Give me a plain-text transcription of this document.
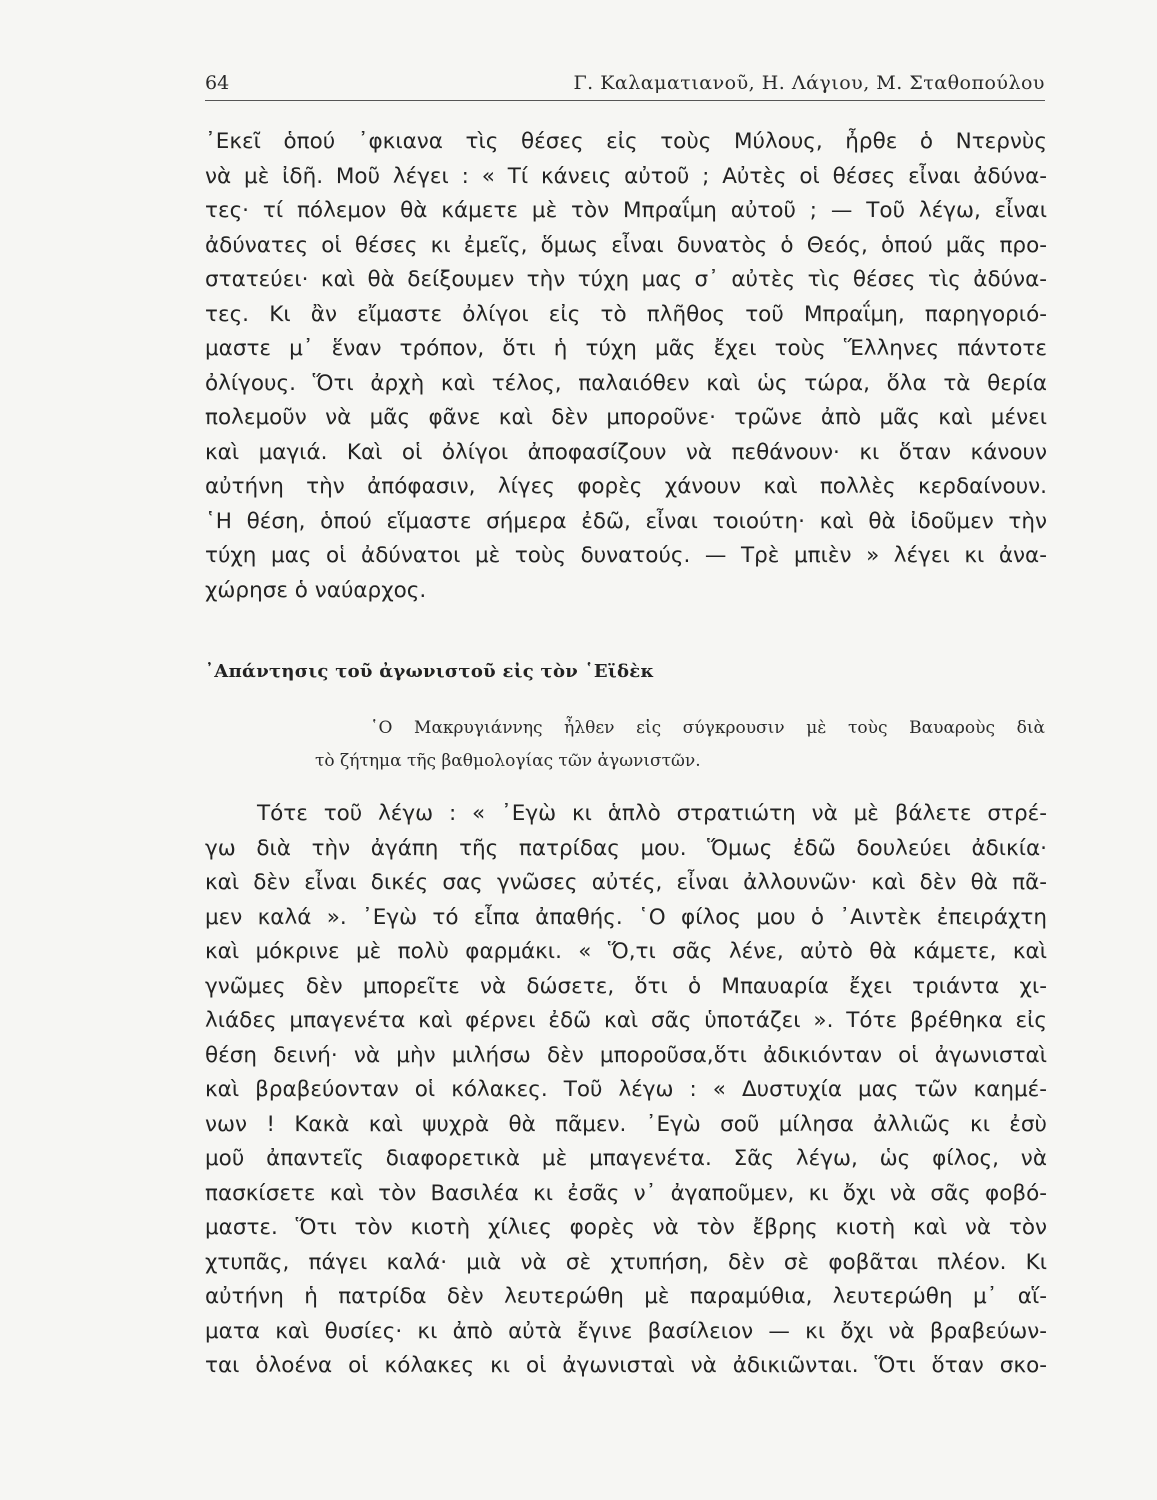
64	Γ. Καλαματιανοῦ, Η. Λάγιου, Μ. Σταθοπούλου
᾿Εκεῖ ὁπού ᾿φκιανα τὶς θέσες εἰς τοὺς Μύλους, ἦρθε ὁ Ντερνὺς
νὰ μὲ ἰδῆ. Μοῦ λέγει : « Τί κάνεις αὐτοῦ ; Αὐτὲς οἱ θέσες εἶναι ἀδύνα-
τες· τί πόλεμον θὰ κάμετε μὲ τὸν Μπραΐμη αὐτοῦ ; — Τοῦ λέγω, εἶναι
ἀδύνατες οἱ θέσες κι ἐμεῖς, ὅμως εἶναι δυνατὸς ὁ Θεός, ὁπού μᾶς προ-
στατεύει· καὶ θὰ δείξουμεν τὴν τύχη μας σ᾿ αὐτὲς τὶς θέσες τὶς ἀδύνα-
τες. Κι ἂν εἴμαστε ὀλίγοι εἰς τὸ πλῆθος τοῦ Μπραΐμη, παρηγοριό-
μαστε μ᾿ ἕναν τρόπον, ὅτι ἡ τύχη μᾶς ἔχει τοὺς Ἕλληνες πάντοτε
ὀλίγους. Ὅτι ἀρχὴ καὶ τέλος, παλαιόθεν καὶ ὡς τώρα, ὅλα τὰ θερία
πολεμοῦν νὰ μᾶς φᾶνε καὶ δὲν μποροῦνε· τρῶνε ἀπὸ μᾶς καὶ μένει
καὶ μαγιά. Καὶ οἱ ὀλίγοι ἀποφασίζουν νὰ πεθάνουν· κι ὅταν κάνουν
αὐτήνη τὴν ἀπόφασιν, λίγες φορὲς χάνουν καὶ πολλὲς κερδαίνουν.
῾Η θέση, ὁπού εἵμαστε σήμερα ἐδῶ, εἶναι τοιούτη· καὶ θὰ ἰδοῦμεν τὴν
τύχη μας οἱ ἀδύνατοι μὲ τοὺς δυνατούς. — Τρὲ μπιὲν » λέγει κι ἀνα-
χώρησε ὁ ναύαρχος.
᾿Απάντησις τοῦ ἀγωνιστοῦ εἰς τὸν ῾Εϊδὲκ
῾Ο Μακρυγιάννης ἦλθεν εἰς σύγκρουσιν μὲ τοὺς Βαυαροὺς διὰ
τὸ ζήτημα τῆς βαθμολογίας τῶν ἀγωνιστῶν.
Τότε τοῦ λέγω : « ᾿Εγὼ κι ἁπλὸ στρατιώτη νὰ μὲ βάλετε στρέ-
γω διὰ τὴν ἀγάπη τῆς πατρίδας μου. Ὅμως ἐδῶ δουλεύει ἀδικία·
καὶ δὲν εἶναι δικές σας γνῶσες αὐτές, εἶναι ἀλλουνῶν· καὶ δὲν θὰ πᾶ-
μεν καλά ». ᾿Εγὼ τό εἶπα ἀπαθής. ῾Ο φίλος μου ὁ ᾿Αιντὲκ ἐπειράχτη
καὶ μόκρινε μὲ πολὺ φαρμάκι. « Ὅ,τι σᾶς λένε, αὐτὸ θὰ κάμετε, καὶ
γνῶμες δὲν μπορεῖτε νὰ δώσετε, ὅτι ὁ Μπαυαρία ἔχει τριάντα χι-
λιάδες μπαγενέτα καὶ φέρνει ἐδῶ καὶ σᾶς ὑποτάζει ». Τότε βρέθηκα εἰς
θέση δεινή· νὰ μὴν μιλήσω δὲν μποροῦσα,ὅτι ἀδικιόνταν οἱ ἀγωνισταὶ
καὶ βραβεύονταν οἱ κόλακες. Τοῦ λέγω : « Δυστυχία μας τῶν καημέ-
νων ! Κακὰ καὶ ψυχρὰ θὰ πᾶμεν. ᾿Εγὼ σοῦ μίλησα ἀλλιῶς κι ἐσὺ
μοῦ ἀπαντεῖς διαφορετικὰ μὲ μπαγενέτα. Σᾶς λέγω, ὡς φίλος, νὰ
πασκίσετε καὶ τὸν Βασιλέα κι ἐσᾶς ν᾿ ἀγαποῦμεν, κι ὄχι νὰ σᾶς φοβό-
μαστε. Ὅτι τὸν κιοτὴ χίλιες φορὲς νὰ τὸν ἔβρης κιοτὴ καὶ νὰ τὸν
χτυπᾶς, πάγει καλά· μιὰ νὰ σὲ χτυπήση, δὲν σὲ φοβᾶται πλέον. Κι
αὐτήνη ἡ πατρίδα δὲν λευτερώθη μὲ παραμύθια, λευτερώθη μ᾿ αἵ-
ματα καὶ θυσίες· κι ἀπὸ αὐτὰ ἔγινε βασίλειον — κι ὄχι νὰ βραβεύων-
ται ὁλοένα οἱ κόλακες κι οἱ ἀγωνισταὶ νὰ ἀδικιῶνται. Ὅτι ὅταν σκο-
